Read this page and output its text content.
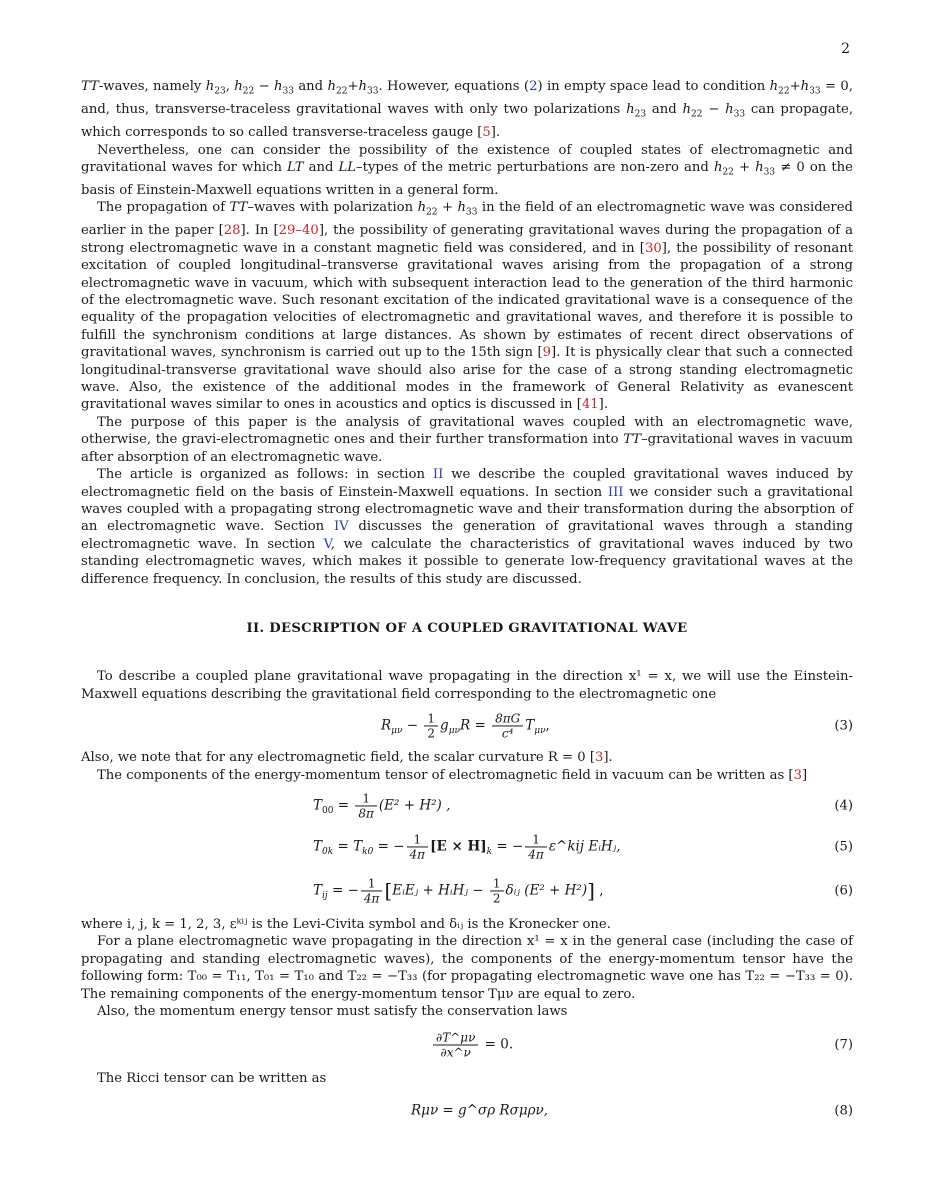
2

TT-waves, namely $h_{23}$, $h_{22} - h_{33}$ and $h_{22}+h_{33}$. However, equations (2) in empty space lead to condition $h_{22}+h_{33} = 0$, and, thus, transverse-traceless gravitational waves with only two polarizations $h_{23}$ and $h_{22} - h_{33}$ can propagate, which corresponds to so called transverse-traceless gauge [5].

Nevertheless, one can consider the possibility of the existence of coupled states of electromagnetic and gravitational waves for which LT and LL–types of the metric perturbations are non-zero and $h_{22} + h_{33} \ne 0$ on the basis of Einstein-Maxwell equations written in a general form.

The propagation of TT–waves with polarization $h_{22} + h_{33}$ in the field of an electromagnetic wave was considered earlier in the paper [28]. In [29–40], the possibility of generating gravitational waves during the propagation of a strong electromagnetic wave in a constant magnetic field was considered, and in [30], the possibility of resonant excitation of coupled longitudinal–transverse gravitational waves arising from the propagation of a strong electromagnetic wave in vacuum, which with subsequent interaction lead to the generation of the third harmonic of the electromagnetic wave. Such resonant excitation of the indicated gravitational wave is a consequence of the equality of the propagation velocities of electromagnetic and gravitational waves, and therefore it is possible to fulfill the synchronism conditions at large distances. As shown by estimates of recent direct observations of gravitational waves, synchronism is carried out up to the 15th sign [9]. It is physically clear that such a connected longitudinal-transverse gravitational wave should also arise for the case of a strong standing electromagnetic wave. Also, the existence of the additional modes in the framework of General Relativity as evanescent gravitational waves similar to ones in acoustics and optics is discussed in [41].

The purpose of this paper is the analysis of gravitational waves coupled with an electromagnetic wave, otherwise, the gravi-electromagnetic ones and their further transformation into TT–gravitational waves in vacuum after absorption of an electromagnetic wave.

The article is organized as follows: in section II we describe the coupled gravitational waves induced by electromagnetic field on the basis of Einstein-Maxwell equations. In section III we consider such a gravitational waves coupled with a propagating strong electromagnetic wave and their transformation during the absorption of an electromagnetic wave. Section IV discusses the generation of gravitational waves through a standing electromagnetic wave. In section V, we calculate the characteristics of gravitational waves induced by two standing electromagnetic waves, which makes it possible to generate low-frequency gravitational waves at the difference frequency. In conclusion, the results of this study are discussed.

II. DESCRIPTION OF A COUPLED GRAVITATIONAL WAVE

To describe a coupled plane gravitational wave propagating in the direction x¹ = x, we will use the Einstein-Maxwell equations describing the gravitational field corresponding to the electromagnetic one

$R_{\mu\nu} - \frac{1}{2} g_{\mu\nu}R = \frac{8\pi G}{\text{c⁴}} T_{\mu\nu}$,	(3)

Also, we note that for any electromagnetic field, the scalar curvature R = 0 [3].

The components of the energy-momentum tensor of electromagnetic field in vacuum can be written as [3]

$T_{00} = \frac{1}{8\pi} (E^2 + H^2)$ ,	(4)
$T_{0k} = T_{k0}$ = − $\frac{1}{4\pi} [E \times H]_k$ = − $\frac{1}{4\pi}$ ε^kij EᵢHⱼ,	(5)
$T_{ij}$ = − $\frac{1}{4\pi}$ [EᵢEⱼ + HᵢHⱼ − $\frac{1}{2}$ δᵢⱼ (E² + H²)] ,	(6)

where i, j, k = 1, 2, 3, εᵏⁱʲ is the Levi-Civita symbol and δᵢⱼ is the Kronecker one.

For a plane electromagnetic wave propagating in the direction x¹ = x in the general case (including the case of propagating and standing electromagnetic waves), the components of the energy-momentum tensor have the following form: T₀₀ = T₁₁, T₀₁ = T₁₀ and T₂₂ = −T₃₃ (for propagating electromagnetic wave one has T₂₂ = −T₃₃ = 0). The remaining components of the energy-momentum tensor Tμν are equal to zero.

Also, the momentum energy tensor must satisfy the conservation laws

$\frac{\partial T\^{}\mu\nu}{\partial x\^{}\nu} = 0$.	(7)

The Ricci tensor can be written as

Rμν = g^σρ Rσμρν,	(8)
